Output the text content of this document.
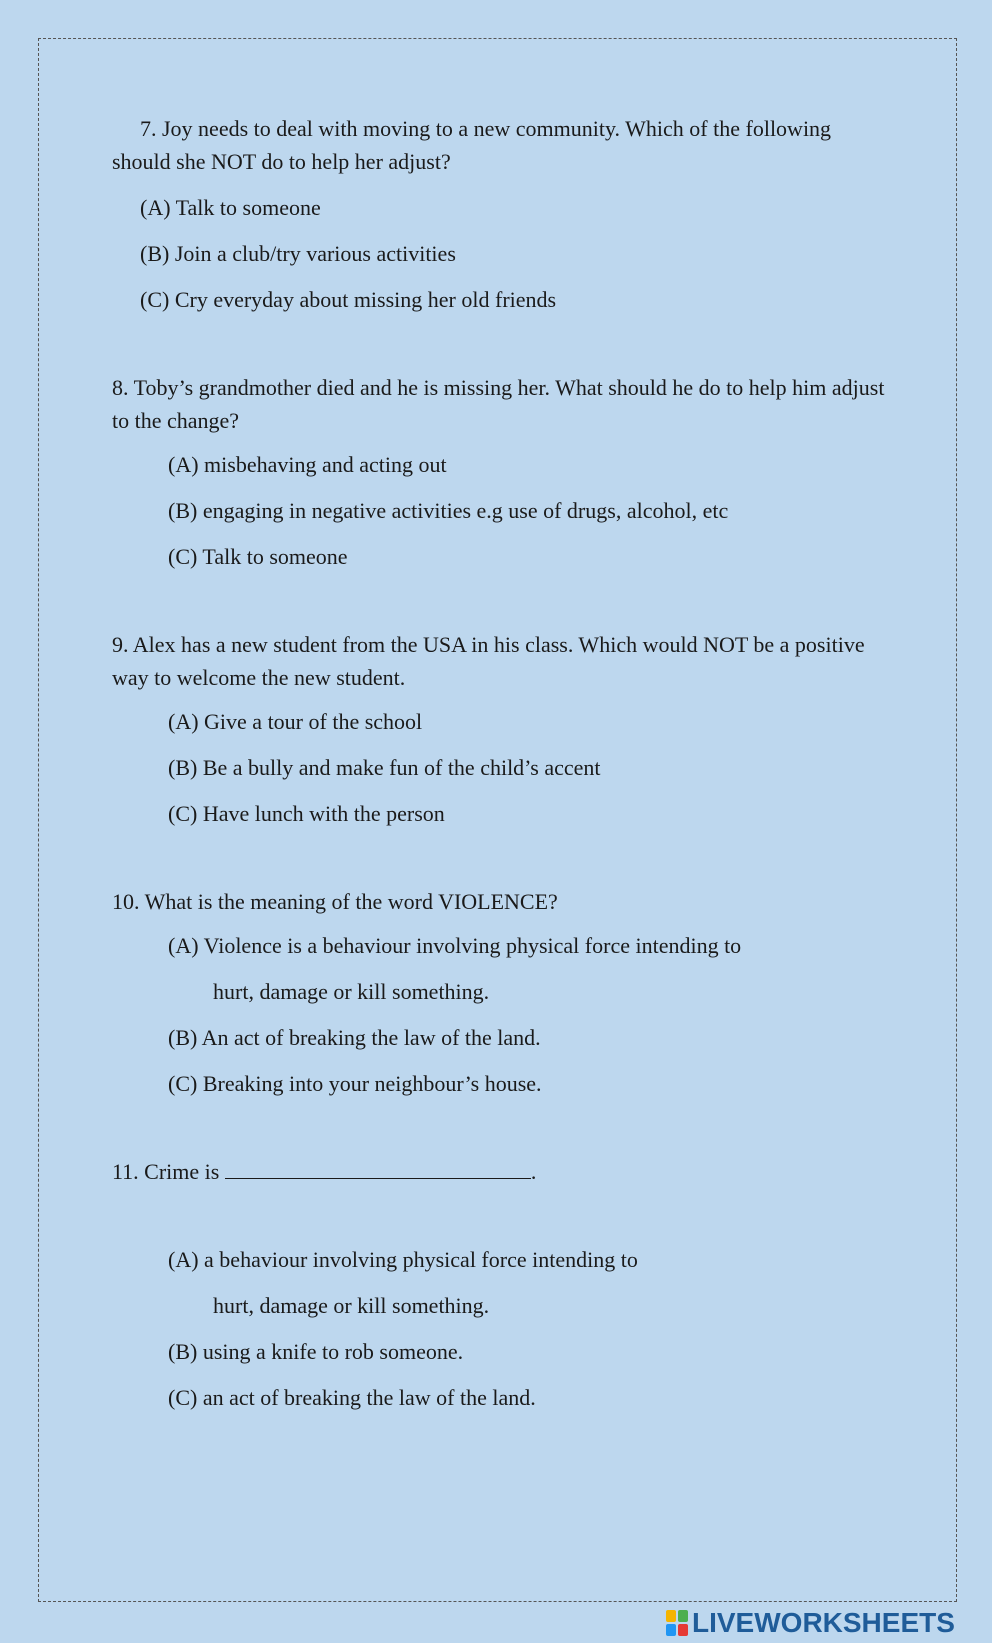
7. Joy needs to deal with moving to a new community. Which of the following should she NOT do to help her adjust?

(A) Talk to someone

(B) Join a club/try various activities

(C) Cry everyday about missing her old friends

8. Toby’s grandmother died and he is missing her. What should he do to help him adjust to the change?

(A) misbehaving and acting out

(B) engaging in negative activities e.g use of drugs, alcohol, etc

(C) Talk to someone

9. Alex has a new student from the USA in his class. Which would NOT be a positive way to welcome the new student.

(A) Give a tour of the school

(B) Be a bully and make fun of the child’s accent

(C) Have lunch with the person

10. What is the meaning of the word VIOLENCE?

(A) Violence is a behaviour involving physical force intending to
hurt, damage or kill something.

(B) An act of breaking the law of the land.

(C) Breaking into your neighbour’s house.

11. Crime is	.

(A) a behaviour involving physical force intending to
hurt, damage or kill something.

(B) using a knife to rob someone.

(C) an act of breaking the law of the land.

LIVEWORKSHEETS
